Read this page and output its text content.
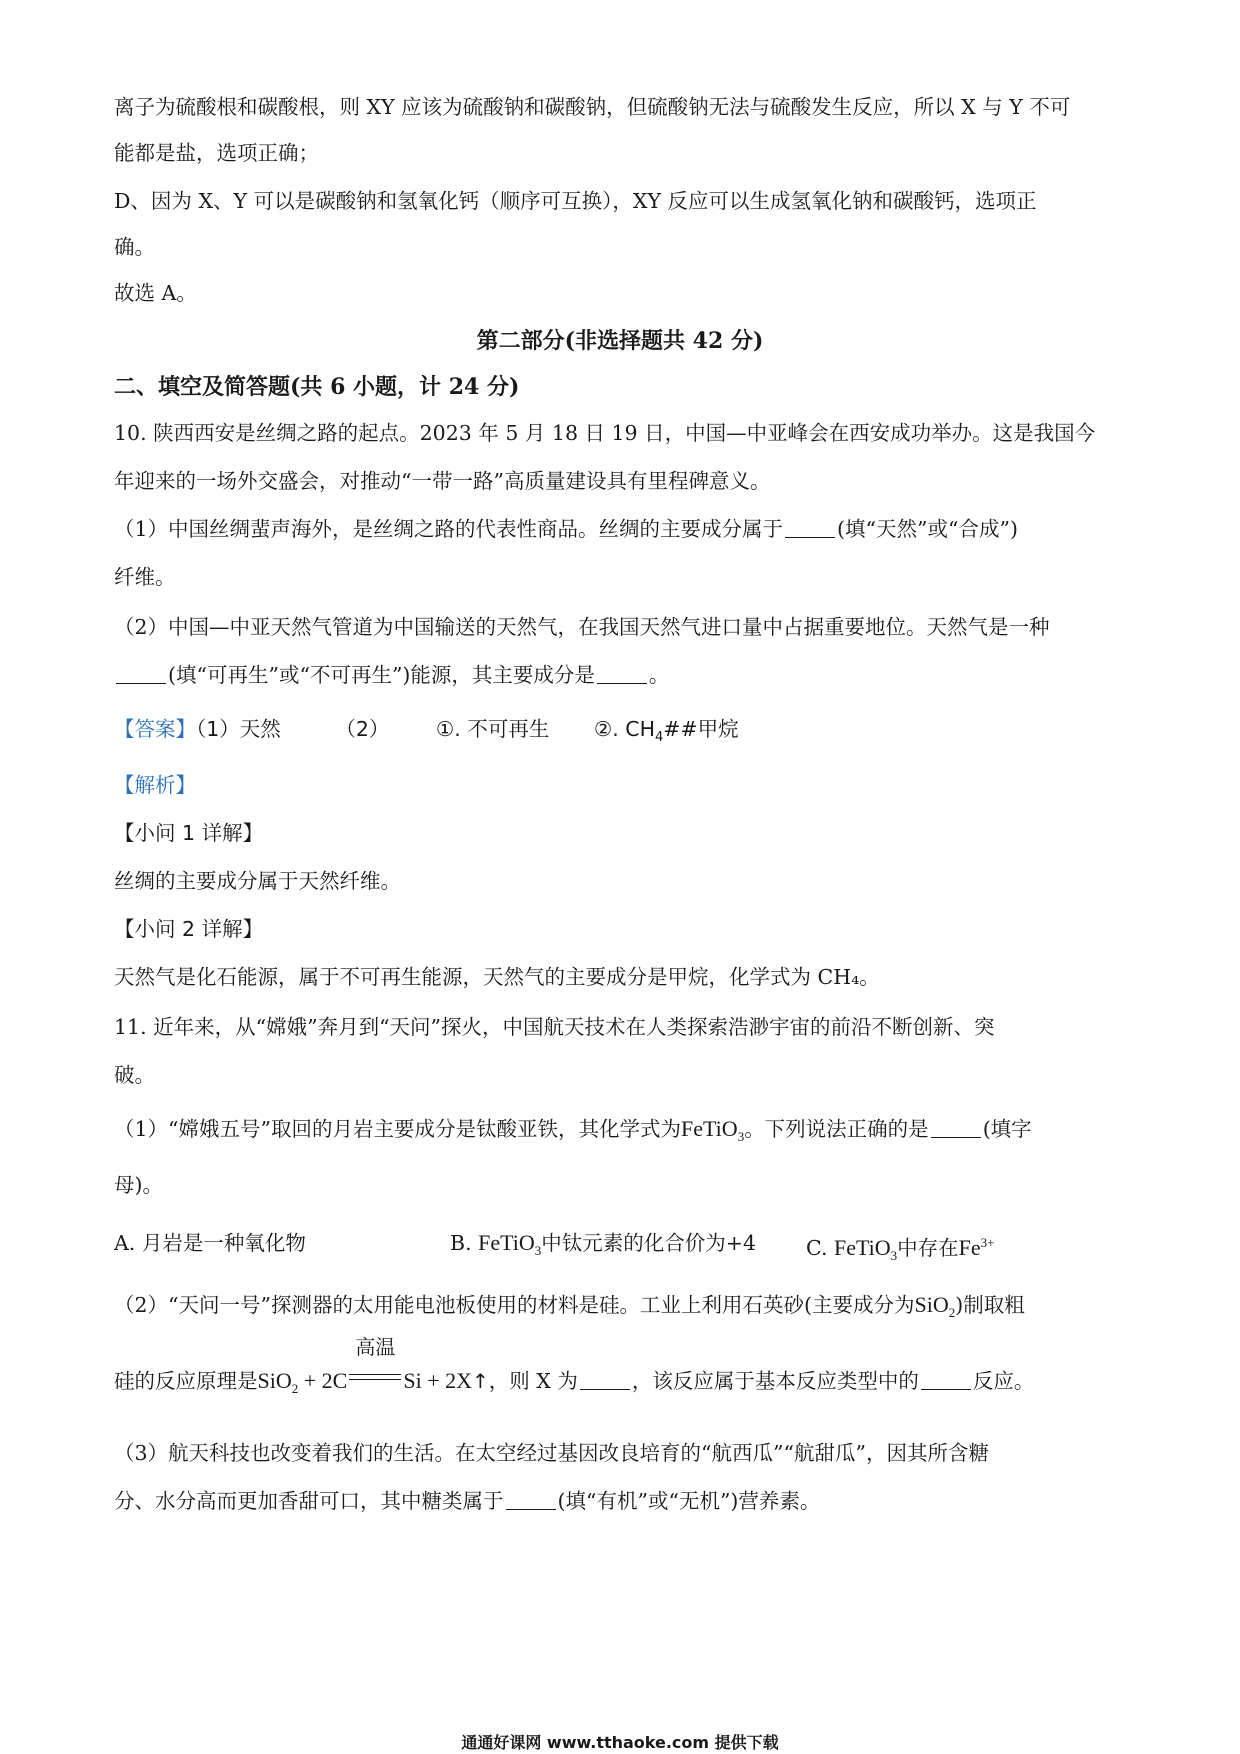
离子为硫酸根和碳酸根，则 XY 应该为硫酸钠和碳酸钠，但硫酸钠无法与硫酸发生反应，所以 X 与 Y 不可
能都是盐，选项正确；
D、因为 X、Y 可以是碳酸钠和氢氧化钙（顺序可互换），XY 反应可以生成氢氧化钠和碳酸钙，选项正
确。
故选 A。
第二部分(非选择题共 42 分)
二、填空及简答题(共 6 小题，计 24 分)
10. 陕西西安是丝绸之路的起点。2023 年 5 月 18 日 19 日，中国—中亚峰会在西安成功举办。这是我国今
年迎来的一场外交盛会，对推动“一带一路”高质量建设具有里程碑意义。
（1）中国丝绸蜚声海外，是丝绸之路的代表性商品。丝绸的主要成分属于	(填“天然”或“合成”)
纤维。
（2）中国—中亚天然气管道为中国输送的天然气，在我国天然气进口量中占据重要地位。天然气是一种
(填“可再生”或“不可再生”)能源，其主要成分是	。
【答案】（1）天然	（2） ①. 不可再生 ②. $CH_4\#\#$甲烷
【解析】
【小问 1 详解】
丝绸的主要成分属于天然纤维。
【小问 2 详解】
天然气是化石能源，属于不可再生能源，天然气的主要成分是甲烷，化学式为 CH₄。
11. 近年来，从“嫦娥”奔月到“天问”探火，中国航天技术在人类探索浩渺宇宙的前沿不断创新、突
破。
（1）“嫦娥五号”取回的月岩主要成分是钛酸亚铁，其化学式为FeTiO$_3$。下列说法正确的是	(填字
母)。
A. 月岩是一种氧化物	B. FeTiO$_3$中钛元素的化合价为+4 C. FeTiO$_3$中存在$Fe^{3+}$
（2）“天问一号”探测器的太用能电池板使用的材料是硅。工业上利用石英砂(主要成分为SiO$_2$)制取粗
硅的反应原理是SiO$_2$ + 2C
高温
Si + 2X↑，则 X 为	，该反应属于基本反应类型中的	反应。
（3）航天科技也改变着我们的生活。在太空经过基因改良培育的“航西瓜”“航甜瓜”，因其所含糖
分、水分高而更加香甜可口，其中糖类属于	(填“有机”或“无机”)营养素。
通通好课网 www.tthaoke.com 提供下载
